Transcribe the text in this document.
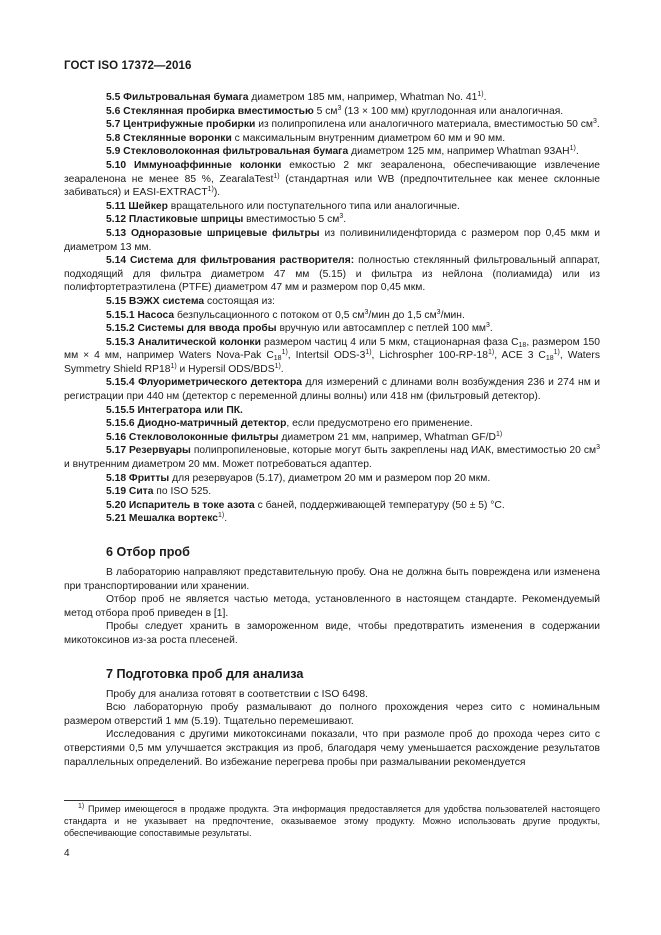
ГОСТ ISO 17372—2016

5.5 Фильтровальная бумага диаметром 185 мм, например, Whatman No. 41$^{1)}$.

5.6 Стеклянная пробирка вместимостью 5 $см^3$ (13 × 100 мм) круглодонная или аналогичная.

5.7 Центрифужные пробирки из полипропилена или аналогичного материала, вместимостью 50 $см^3$.

5.8 Стеклянные воронки с максимальным внутренним диаметром 60 мм и 90 мм.

5.9 Стекловолоконная фильтровальная бумага диаметром 125 мм, например Whatman 93AH$^{1)}$.

5.10 Иммуноаффинные колонки емкостью 2 мкг зеараленона, обеспечивающие извлечение зеараленона не менее 85 %, ZearalaTest$^{1)}$ (стандартная или WB (предпочтительнее как менее склонные забиваться) и EASI-EXTRACT$^{1)}$).

5.11 Шейкер вращательного или поступательного типа или аналогичные.

5.12 Пластиковые шприцы вместимостью 5 $см^3$.

5.13 Одноразовые шприцевые фильтры из поливинилиденфторида с размером пор 0,45 мкм и диаметром 13 мм.

5.14 Система для фильтрования растворителя: полностью стеклянный фильтровальный аппарат, подходящий для фильтра диаметром 47 мм (5.15) и фильтра из нейлона (полиамида) или из полифтортетраэтилена (PTFE) диаметром 47 мм и размером пор 0,45 мкм.

5.15 ВЭЖХ система состоящая из:

5.15.1 Насоса безпульсационного с потоком от 0,5 $см^3$/мин до 1,5 $см^3$/мин.

5.15.2 Системы для ввода пробы вручную или автосамплер с петлей 100 $мм^3$.

5.15.3 Аналитической колонки размером частиц 4 или 5 мкм, стационарная фаза $C_{18}$, размером 150 мм × 4 мм, например Waters Nova-Pak $C_{18}^{1)}$, Intertsil ODS-3$^{1)}$, Lichrospher 100-RP-18$^{1)}$, ACE 3 $C_{18}^{1)}$, Waters Symmetry Shield RP18$^{1)}$ и Hypersil ODS/BDS$^{1)}$.

5.15.4 Флуориметрического детектора для измерений с длинами волн возбуждения 236 и 274 нм и регистрации при 440 нм (детектор с переменной длины волны) или 418 нм (фильтровый детектор).

5.15.5 Интегратора или ПК.

5.15.6 Диодно-матричный детектор, если предусмотрено его применение.

5.16 Стекловолоконные фильтры диаметром 21 мм, например, Whatman $GF/D^{1)}$

5.17 Резервуары полипропиленовые, которые могут быть закреплены над ИАК, вместимостью 20 $см^3$ и внутренним диаметром 20 мм. Может потребоваться адаптер.

5.18 Фритты для резервуаров (5.17), диаметром 20 мм и размером пор 20 мкм.

5.19 Сита по ISO 525.

5.20 Испаритель в токе азота с баней, поддерживающей температуру (50 ± 5) °С.

5.21 Мешалка вортекс$^{1)}$.

6 Отбор проб

В лабораторию направляют представительную пробу. Она не должна быть повреждена или изменена при транспортировании или хранении.

Отбор проб не является частью метода, установленного в настоящем стандарте. Рекомендуемый метод отбора проб приведен в [1].

Пробы следует хранить в замороженном виде, чтобы предотвратить изменения в содержании микотоксинов из-за роста плесеней.

7 Подготовка проб для анализа

Пробу для анализа готовят в соответствии с ISO 6498.

Всю лабораторную пробу размалывают до полного прохождения через сито с номинальным размером отверстий 1 мм (5.19). Тщательно перемешивают.

Исследования с другими микотоксинами показали, что при размоле проб до прохода через сито с отверстиями 0,5 мм улучшается экстракция из проб, благодаря чему уменьшается расхождение результатов параллельных определений. Во избежание перегрева пробы при размалывании рекомендуется

$^{1)}$ Пример имеющегося в продаже продукта. Эта информация предоставляется для удобства пользователей настоящего стандарта и не указывает на предпочтение, оказываемое этому продукту. Можно использовать другие продукты, обеспечивающие сопоставимые результаты.

4
